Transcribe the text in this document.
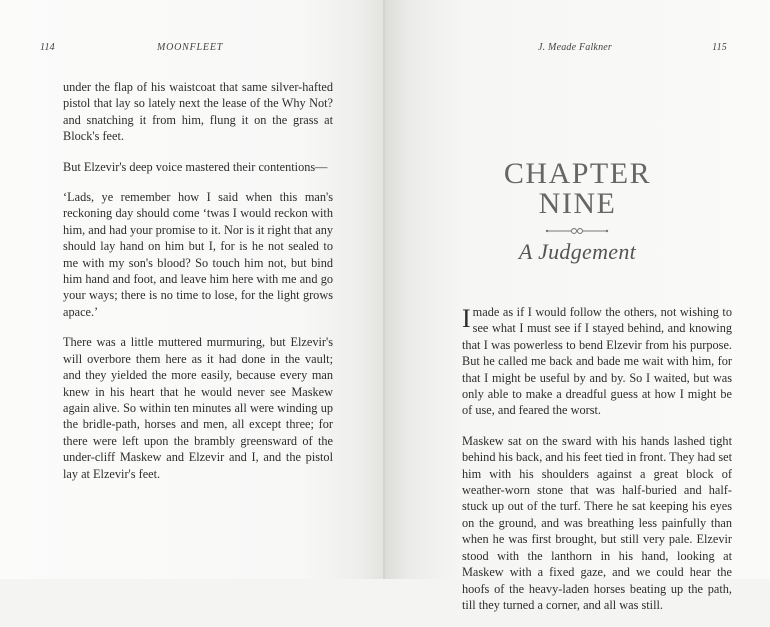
114	MOONFLEET

under the flap of his waistcoat that same silver-hafted pistol that lay so lately next the lease of the Why Not? and snatching it from him, flung it on the grass at Block's feet.

But Elzevir's deep voice mastered their contentions—

‘Lads, ye remember how I said when this man's reckoning day should come ‘twas I would reckon with him, and had your promise to it. Nor is it right that any should lay hand on him but I, for is he not sealed to me with my son's blood? So touch him not, but bind him hand and foot, and leave him here with me and go your ways; there is no time to lose, for the light grows apace.’

There was a little muttered murmuring, but Elzevir's will overbore them here as it had done in the vault; and they yielded the more easily, because every man knew in his heart that he would never see Maskew again alive. So within ten minutes all were winding up the bridle-path, horses and men, all except three; for there were left upon the brambly greensward of the under-cliff Maskew and Elzevir and I, and the pistol lay at Elzevir's feet.

J. Meade Falkner	115
CHAPTER
NINE
A Judgement

Imade as if I would follow the others, not wishing to see what I must see if I stayed behind, and knowing that I was powerless to bend Elzevir from his purpose. But he called me back and bade me wait with him, for that I might be useful by and by. So I waited, but was only able to make a dreadful guess at how I might be of use, and feared the worst.

Maskew sat on the sward with his hands lashed tight behind his back, and his feet tied in front. They had set him with his shoulders against a great block of weather-worn stone that was half-buried and half-stuck up out of the turf. There he sat keeping his eyes on the ground, and was breathing less painfully than when he was first brought, but still very pale. Elzevir stood with the lanthorn in his hand, looking at Maskew with a fixed gaze, and we could hear the hoofs of the heavy-laden horses beating up the path, till they turned a corner, and all was still.
